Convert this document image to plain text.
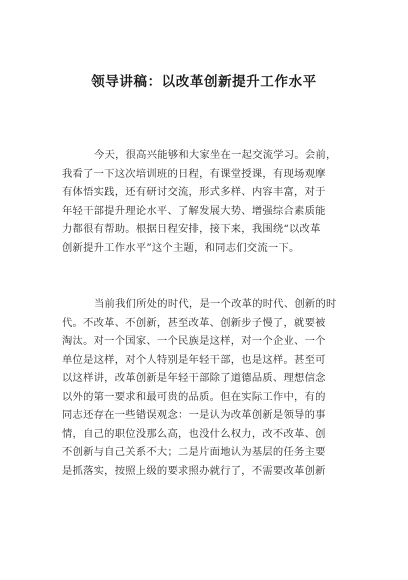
领导讲稿：以改革创新提升工作水平
今天，很高兴能够和大家坐在一起交流学习。会前，
我看了一下这次培训班的日程，有课堂授课，有现场观摩
有体悟实践，还有研讨交流，形式多样、内容丰富，对于
年轻干部提升理论水平、了解发展大势、增强综合素质能
力都很有帮助。根据日程安排，接下来，我围绕“以改革
创新提升工作水平”这个主题，和同志们交流一下。
当前我们所处的时代，是一个改革的时代、创新的时
代。不改革、不创新，甚至改革、创新步子慢了，就要被
淘汰。对一个国家、一个民族是这样，对一个企业、一个
单位是这样，对个人特别是年轻干部，也是这样。甚至可
以这样讲，改革创新是年轻干部除了道德品质、理想信念
以外的第一要求和最可贵的品质。但在实际工作中，有的
同志还存在一些错误观念：一是认为改革创新是领导的事
情，自己的职位没那么高，也没什么权力，改不改革、创
不创新与自己关系不大；二是片面地认为基层的任务主要
是抓落实，按照上级的要求照办就行了，不需要改革创新
